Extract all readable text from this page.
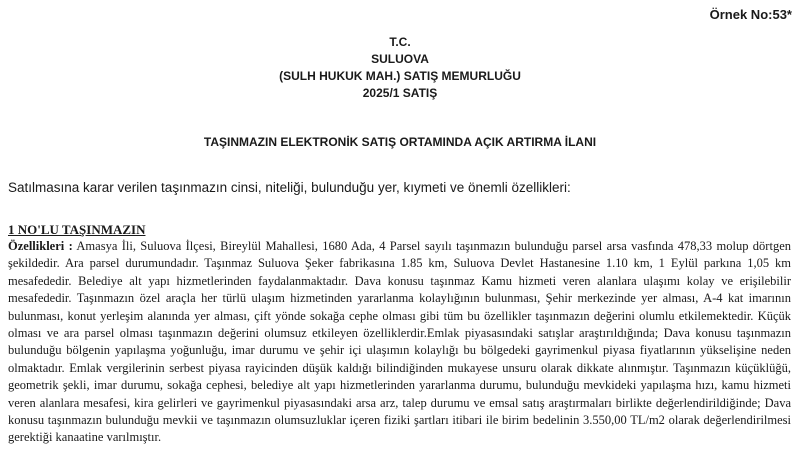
Örnek No:53*
T.C.
SULUOVA
(SULH HUKUK MAH.) SATIŞ MEMURLUĞU
2025/1 SATIŞ
TAŞINMAZIN ELEKTRONİK SATIŞ ORTAMINDA AÇIK ARTIRMA İLANI
Satılmasına karar verilen taşınmazın cinsi, niteliği, bulunduğu yer, kıymeti ve önemli özellikleri:
1 NO'LU TAŞINMAZIN

Özellikleri : Amasya İli, Suluova İlçesi, Bireylül Mahallesi, 1680 Ada, 4 Parsel sayılı taşınmazın bulunduğu parsel arsa vasfında 478,33 molup dörtgen şekildedir. Ara parsel durumundadır. Taşınmaz Suluova Şeker fabrikasına 1.85 km, Suluova Devlet Hastanesine 1.10 km, 1 Eylül parkına 1,05 km mesafededir. Belediye alt yapı hizmetlerinden faydalanmaktadır. Dava konusu taşınmaz Kamu hizmeti veren alanlara ulaşımı kolay ve erişilebilir mesafededir. Taşınmazın özel araçla her türlü ulaşım hizmetinden yararlanma kolaylığının bulunması, Şehir merkezinde yer alması, A-4 kat imarının bulunması, konut yerleşim alanında yer alması, çift yönde sokağa cephe olması gibi tüm bu özellikler taşınmazın değerini olumlu etkilemektedir. Küçük olması ve ara parsel olması taşınmazın değerini olumsuz etkileyen özelliklerdir.Emlak piyasasındaki satışlar araştırıldığında; Dava konusu taşınmazın bulunduğu bölgenin yapılaşma yoğunluğu, imar durumu ve şehir içi ulaşımın kolaylığı bu bölgedeki gayrimenkul piyasa fiyatlarının yükselişine neden olmaktadır. Emlak vergilerinin serbest piyasa rayicinden düşük kaldığı bilindiğinden mukayese unsuru olarak dikkate alınmıştır. Taşınmazın küçüklüğü, geometrik şekli, imar durumu, sokağa cephesi, belediye alt yapı hizmetlerinden yararlanma durumu, bulunduğu mevkideki yapılaşma hızı, kamu hizmeti veren alanlara mesafesi, kira gelirleri ve gayrimenkul piyasasındaki arsa arz, talep durumu ve emsal satış araştırmaları birlikte değerlendirildiğinde; Dava konusu taşınmazın bulunduğu mevkii ve taşınmazın olumsuzluklar içeren fiziki şartları itibari ile birim bedelinin 3.550,00 TL/m2 olarak değerlendirilmesi gerektiği kanaatine varılmıştır.
